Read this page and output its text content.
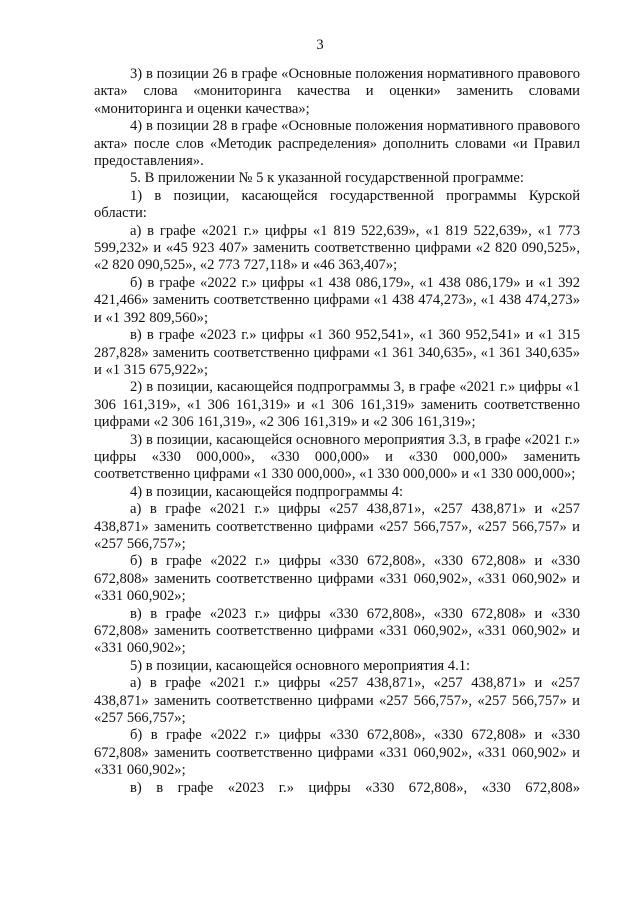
3

3) в позиции 26 в графе «Основные положения нормативного правового акта» слова «мониторинга качества и оценки» заменить словами «мониторинга и оценки качества»;

4) в позиции 28 в графе «Основные положения нормативного правового акта» после слов «Методик распределения» дополнить словами «и Правил предоставления».

5. В приложении № 5 к указанной государственной программе:

1) в позиции, касающейся государственной программы Курской области:

а) в графе «2021 г.» цифры «1 819 522,639», «1 819 522,639», «1 773 599,232» и «45 923 407» заменить соответственно цифрами «2 820 090,525», «2 820 090,525», «2 773 727,118» и «46 363,407»;

б) в графе «2022 г.» цифры «1 438 086,179», «1 438 086,179» и «1 392 421,466» заменить соответственно цифрами «1 438 474,273», «1 438 474,273» и «1 392 809,560»;

в) в графе «2023 г.» цифры «1 360 952,541», «1 360 952,541» и «1 315 287,828» заменить соответственно цифрами «1 361 340,635», «1 361 340,635» и «1 315 675,922»;

2) в позиции, касающейся подпрограммы 3, в графе «2021 г.» цифры «1 306 161,319», «1 306 161,319» и «1 306 161,319» заменить соответственно цифрами «2 306 161,319», «2 306 161,319» и «2 306 161,319»;

3) в позиции, касающейся основного мероприятия 3.3, в графе «2021 г.» цифры «330 000,000», «330 000,000» и «330 000,000» заменить соответственно цифрами «1 330 000,000», «1 330 000,000» и «1 330 000,000»;

4) в позиции, касающейся подпрограммы 4:

а) в графе «2021 г.» цифры «257 438,871», «257 438,871» и «257 438,871» заменить соответственно цифрами «257 566,757», «257 566,757» и «257 566,757»;

б) в графе «2022 г.» цифры «330 672,808», «330 672,808» и «330 672,808» заменить соответственно цифрами «331 060,902», «331 060,902» и «331 060,902»;

в) в графе «2023 г.» цифры «330 672,808», «330 672,808» и «330 672,808» заменить соответственно цифрами «331 060,902», «331 060,902» и «331 060,902»;

5) в позиции, касающейся основного мероприятия 4.1:

а) в графе «2021 г.» цифры «257 438,871», «257 438,871» и «257 438,871» заменить соответственно цифрами «257 566,757», «257 566,757» и «257 566,757»;

б) в графе «2022 г.» цифры «330 672,808», «330 672,808» и «330 672,808» заменить соответственно цифрами «331 060,902», «331 060,902» и «331 060,902»;

в) в графе «2023 г.» цифры «330 672,808», «330 672,808»
